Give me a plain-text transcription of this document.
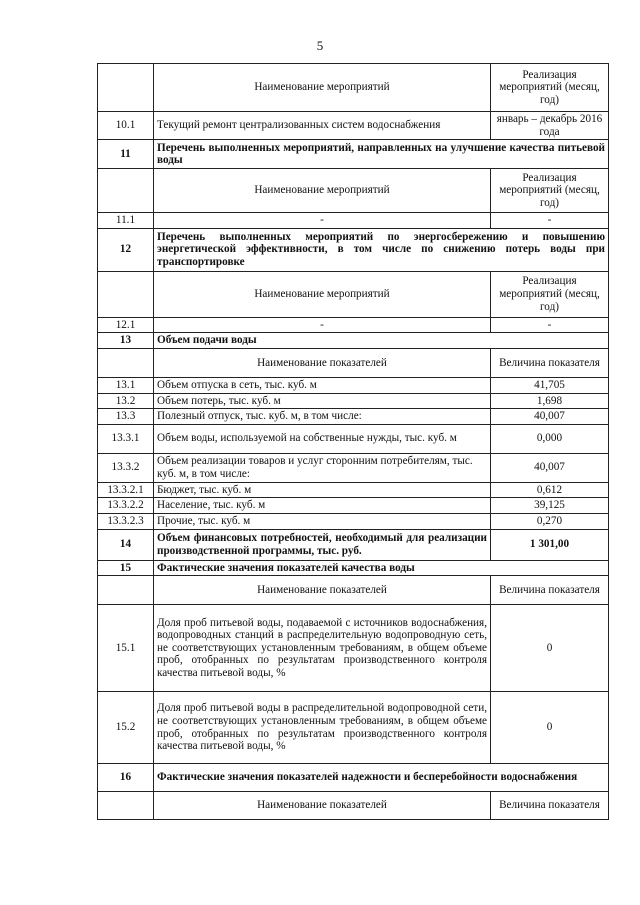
5
	Наименование мероприятий	Реализация мероприятий (месяц, год)
10.1	Текущий ремонт централизованных систем водоснабжения	январь – декабрь 2016 года
11	Перечень выполненных мероприятий, направленных на улучшение качества питьевой воды	
	Наименование мероприятий	Реализация мероприятий (месяц, год)
11.1	-	-
12	Перечень выполненных мероприятий по энергосбережению и повышению энергетической эффективности, в том числе по снижению потерь воды при транспортировке	
	Наименование мероприятий	Реализация мероприятий (месяц, год)
12.1	-	-
13	Объем подачи воды	
	Наименование показателей	Величина показателя
13.1	Объем отпуска в сеть, тыс. куб. м	41,705
13.2	Объем потерь, тыс. куб. м	1,698
13.3	Полезный отпуск, тыс. куб. м, в том числе:	40,007
13.3.1	Объем воды, используемой на собственные нужды, тыс. куб. м	0,000
13.3.2	Объем реализации товаров и услуг сторонним потребителям, тыс. куб. м, в том числе:	40,007
13.3.2.1	Бюджет, тыс. куб. м	0,612
13.3.2.2	Население, тыс. куб. м	39,125
13.3.2.3	Прочие, тыс. куб. м	0,270
14	Объем финансовых потребностей, необходимый для реализации производственной программы, тыс. руб.	1 301,00
15	Фактические значения показателей качества воды	
	Наименование показателей	Величина показателя
15.1	Доля проб питьевой воды, подаваемой с источников водоснабжения, водопроводных станций в распределительную водопроводную сеть, не соответствующих установленным требованиям, в общем объеме проб, отобранных по результатам производственного контроля качества питьевой воды, %	0
15.2	Доля проб питьевой воды в распределительной водопроводной сети, не соответствующих установленным требованиям, в общем объеме проб, отобранных по результатам производственного контроля качества питьевой воды, %	0
16	Фактические значения показателей надежности и бесперебойности водоснабжения	
	Наименование показателей	Величина показателя
